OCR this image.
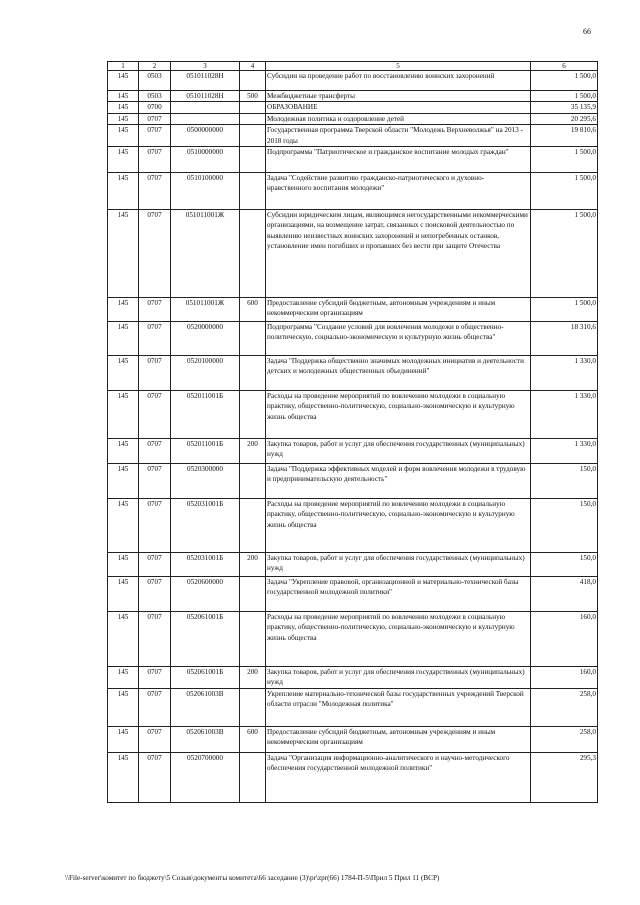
66
1	2	3	4	5	6
145	0503	051011028Н		Субсидии на проведение работ по восстановлению воинских захоронений	1 500,0
145	0503	051011028Н	500	Межбюджетные трансферты	1 500,0
145	0700			ОБРАЗОВАНИЕ	35 135,9
145	0707			Молодежная политика и оздоровление детей	20 295,6
145	0707	0500000000		Государственная программа Тверской области "Молодежь Верхневолжья" на 2013 - 2018 годы	19 810,6
145	0707	0510000000		Подпрограмма "Патриотическое и гражданское воспитание молодых граждан"	1 500,0
145	0707	0510100000		Задача "Содействие развитию гражданско-патриотического и духовно- нравственного воспитания молодежи"	1 500,0
145	0707	051011001Ж		Субсидии юридическим лицам, являющимся негосударственными некоммерческими организациями, на возмещение затрат, связанных с поисковой деятельностью по выявлению неизвестных воинских захоронений и непогребенных останков, установление имен погибших и пропавших без вести при защите Отечества	1 500,0
145	0707	051011001Ж	600	Предоставление субсидий бюджетным, автономным учреждениям и иным некоммерческим организациям	1 500,0
145	0707	0520000000		Подпрограмма "Создание условий для вовлечения молодежи в общественно-политическую, социально-экономическую и культурную жизнь общества"	18 310,6
145	0707	0520100000		Задача "Поддержка общественно значимых молодежных инициатив и деятельности детских и молодежных общественных объединений"	1 330,0
145	0707	052011001Б		Расходы на проведение мероприятий по вовлечению молодежи в социальную практику, общественно-политическую, социально-экономическую и культурную жизнь общества	1 330,0
145	0707	052011001Б	200	Закупка товаров, работ и услуг для обеспечения государственных (муниципальных) нужд	1 330,0
145	0707	0520300000		Задача "Поддержка эффективных моделей и форм вовлечения молодежи в трудовую и предпринимательскую деятельность"	150,0
145	0707	052031001Б		Расходы на проведение мероприятий по вовлечению молодежи в социальную практику, общественно-политическую, социально-экономическую и культурную жизнь общества	150,0
145	0707	052031001Б	200	Закупка товаров, работ и услуг для обеспечения государственных (муниципальных) нужд	150,0
145	0707	0520600000		Задача "Укрепление правовой, организационной и материально-технической базы государственной молодежной политики"	418,0
145	0707	052061001Б		Расходы на проведение мероприятий по вовлечению молодежи в социальную практику, общественно-политическую, социально-экономическую и культурную жизнь общества	160,0
145	0707	052061001Б	200	Закупка товаров, работ и услуг для обеспечения государственных (муниципальных) нужд	160,0
145	0707	052061003В		Укрепление материально-технической базы государственных учреждений Тверской области отрасли "Молодежная политика"	258,0
145	0707	052061003В	600	Предоставление субсидий бюджетным, автономным учреждениям и иным некоммерческим организациям	258,0
145	0707	0520700000		Задача "Организация информационно-аналитического и научно-методического обеспечения государственной молодежной политики"	295,3
\\File-server\комитет по бюджету\5 Созыв\документы комитета\66 заседание (3)\pr\zpr(66) 1784-П-5\Прил 5 Прил 11 (ВСР)
